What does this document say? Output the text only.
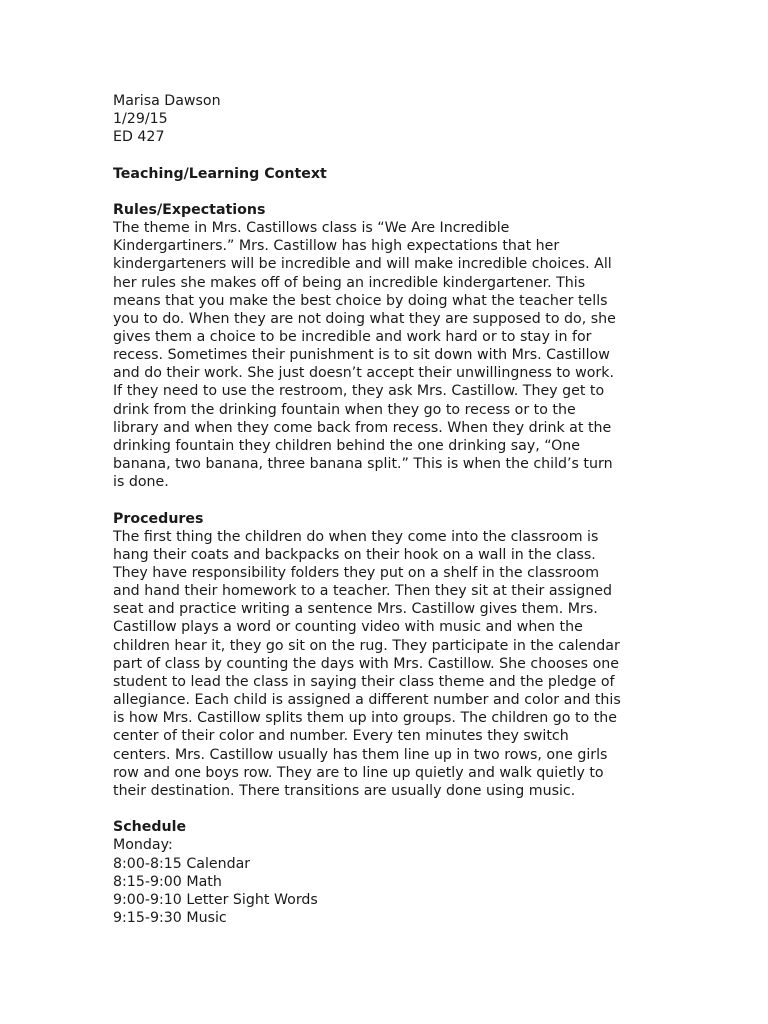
Marisa Dawson
1/29/15
ED 427
Teaching/Learning Context
Rules/Expectations
The theme in Mrs. Castillows class is “We Are Incredible
Kindergartiners.” Mrs. Castillow has high expectations that her
kindergarteners will be incredible and will make incredible choices. All
her rules she makes off of being an incredible kindergartener. This
means that you make the best choice by doing what the teacher tells
you to do. When they are not doing what they are supposed to do, she
gives them a choice to be incredible and work hard or to stay in for
recess. Sometimes their punishment is to sit down with Mrs. Castillow
and do their work. She just doesn’t accept their unwillingness to work.
If they need to use the restroom, they ask Mrs. Castillow. They get to
drink from the drinking fountain when they go to recess or to the
library and when they come back from recess. When they drink at the
drinking fountain they children behind the one drinking say, “One
banana, two banana, three banana split.” This is when the child’s turn
is done.
Procedures
The first thing the children do when they come into the classroom is
hang their coats and backpacks on their hook on a wall in the class.
They have responsibility folders they put on a shelf in the classroom
and hand their homework to a teacher. Then they sit at their assigned
seat and practice writing a sentence Mrs. Castillow gives them. Mrs.
Castillow plays a word or counting video with music and when the
children hear it, they go sit on the rug. They participate in the calendar
part of class by counting the days with Mrs. Castillow. She chooses one
student to lead the class in saying their class theme and the pledge of
allegiance. Each child is assigned a different number and color and this
is how Mrs. Castillow splits them up into groups. The children go to the
center of their color and number. Every ten minutes they switch
centers. Mrs. Castillow usually has them line up in two rows, one girls
row and one boys row. They are to line up quietly and walk quietly to
their destination. There transitions are usually done using music.
Schedule
Monday:
8:00-8:15 Calendar
8:15-9:00 Math
9:00-9:10 Letter Sight Words
9:15-9:30 Music
